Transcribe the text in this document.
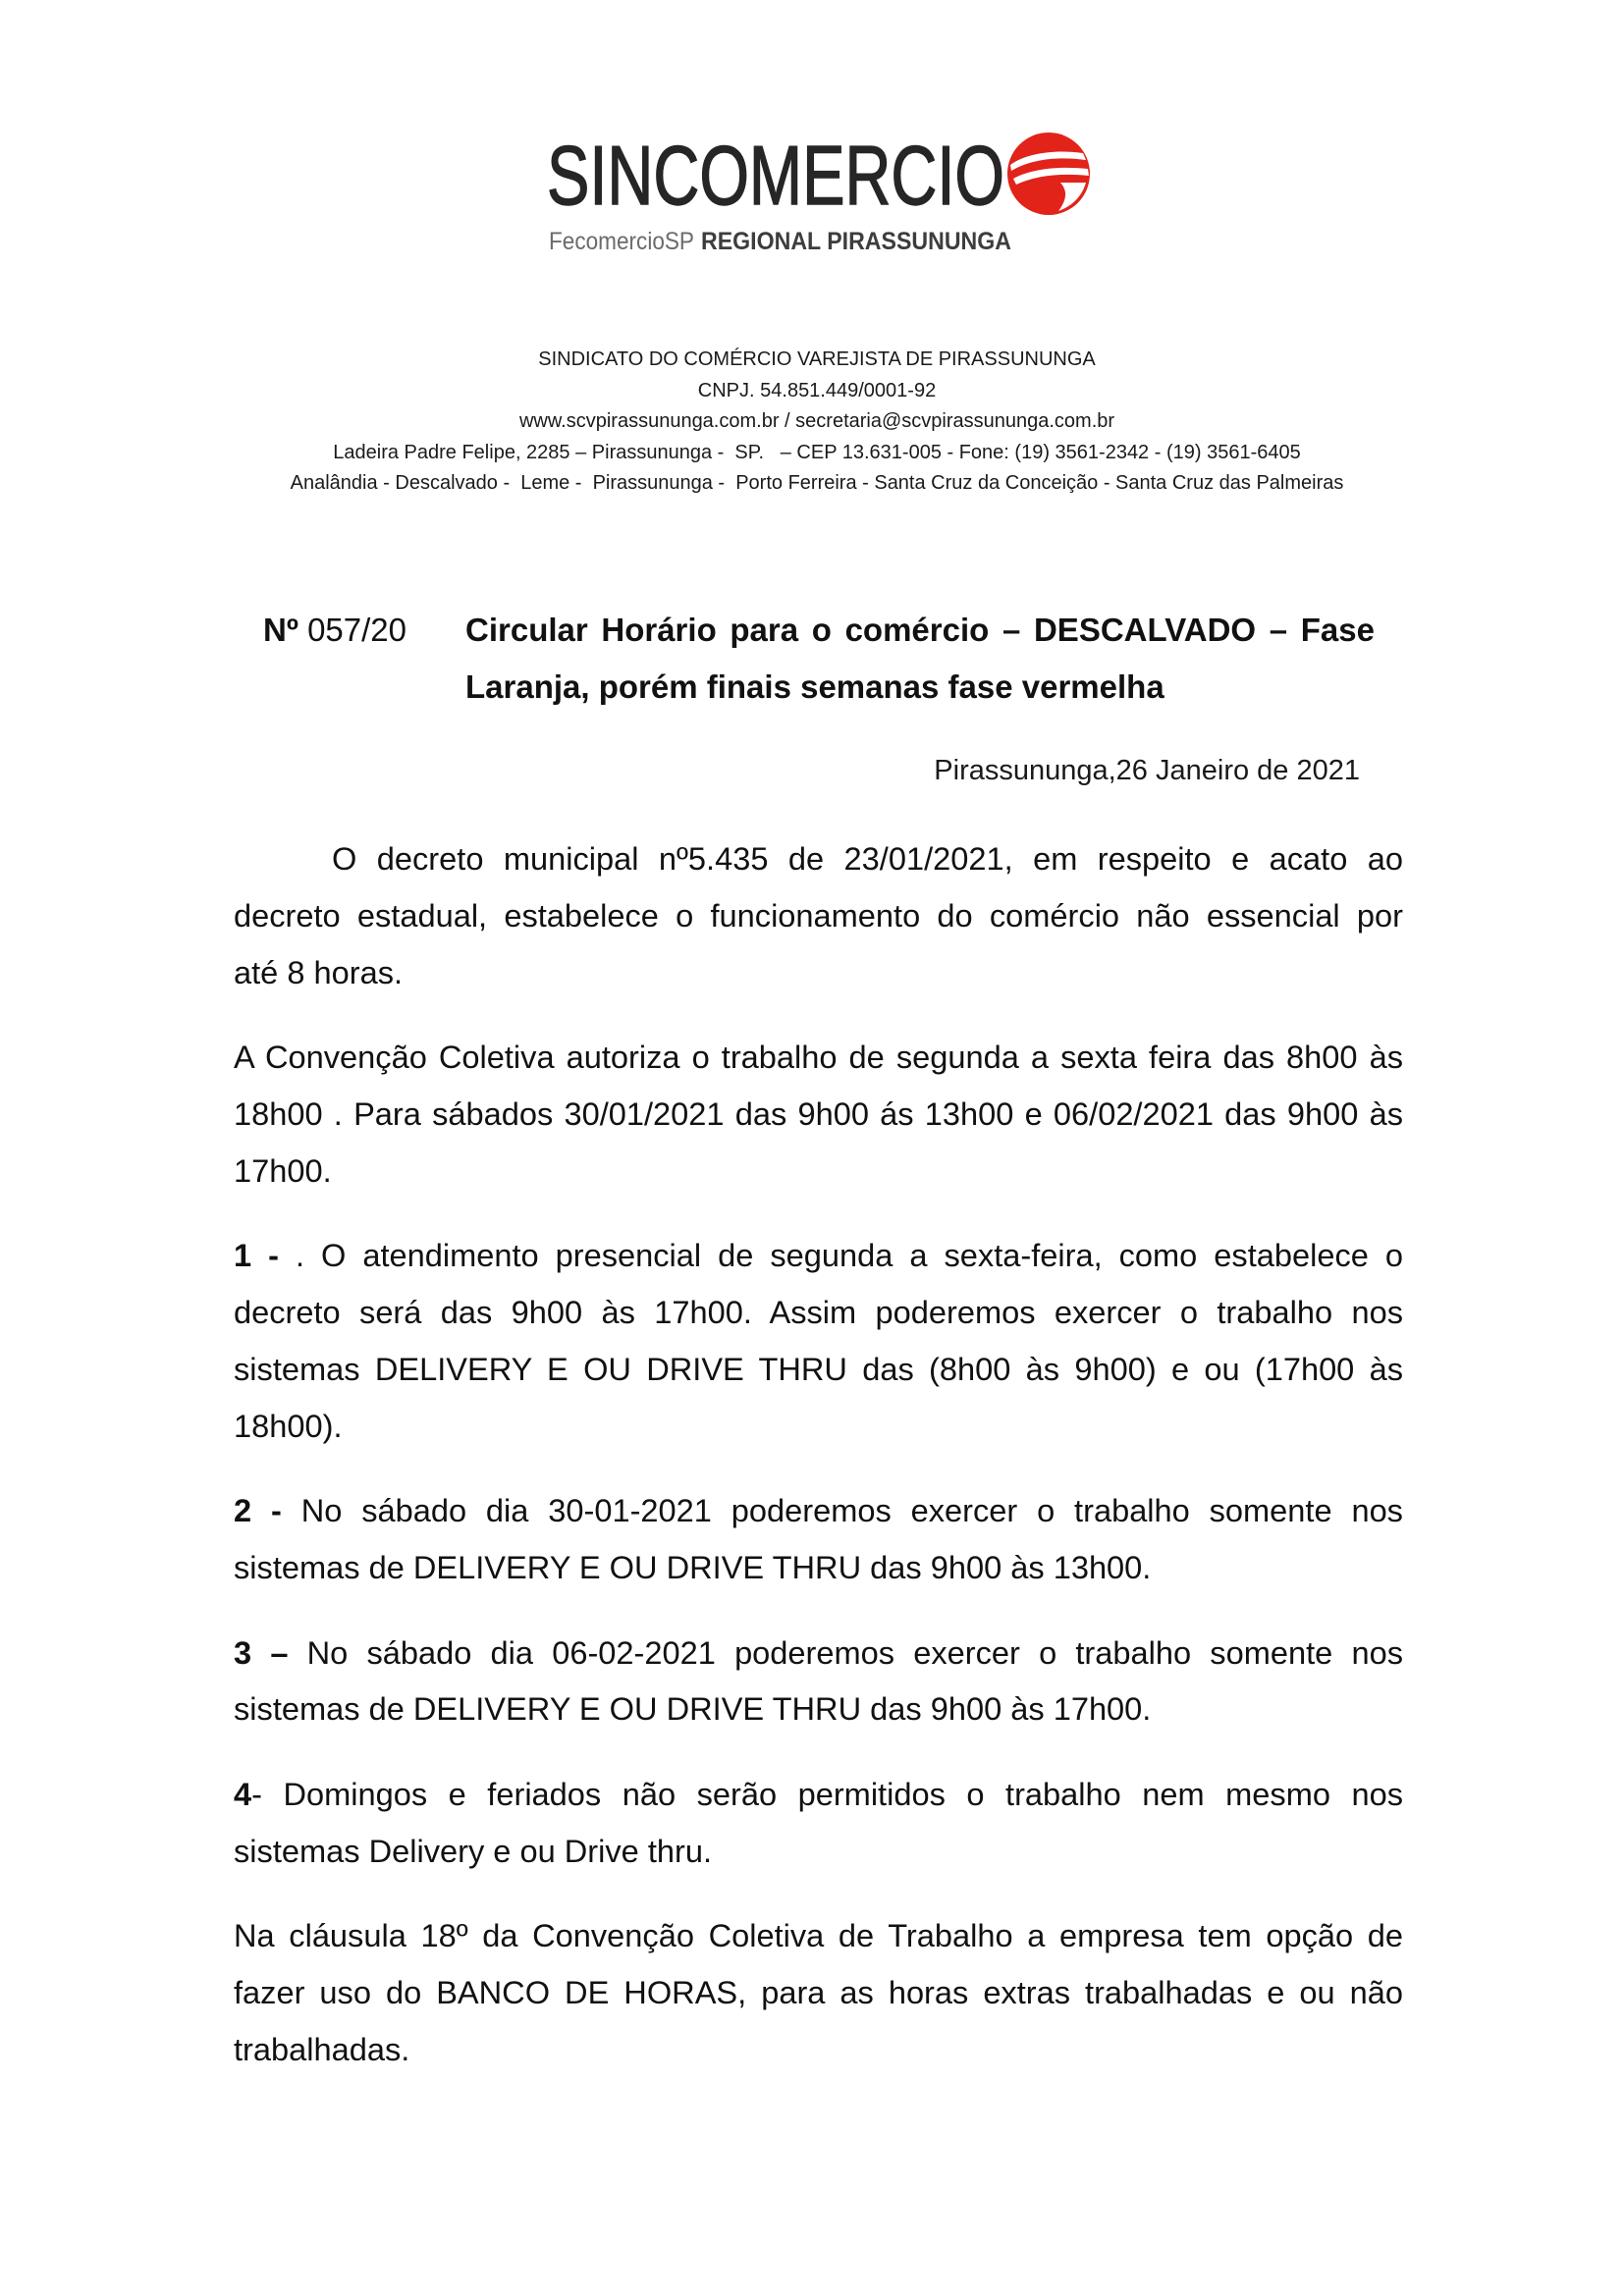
SINCOMERCIO
FecomercioSP REGIONAL PIRASSUNUNGA
SINDICATO DO COMÉRCIO VAREJISTA DE PIRASSUNUNGA
CNPJ. 54.851.449/0001-92
www.scvpirassununga.com.br / secretaria@scvpirassununga.com.br
Ladeira Padre Felipe, 2285 – Pirassununga -  SP.   – CEP 13.631-005 - Fone: (19) 3561-2342 - (19) 3561-6405
Analândia - Descalvado -  Leme -  Pirassununga -  Porto Ferreira - Santa Cruz da Conceição - Santa Cruz das Palmeiras
Nº 057/20 Circular Horário para o comércio – DESCALVADO – Fase
Laranja, porém finais semanas fase vermelha
Pirassununga,26 Janeiro de 2021
O decreto municipal nº5.435 de 23/01/2021, em respeito e acato ao
decreto estadual, estabelece o funcionamento do comércio não essencial por
até 8 horas.
A Convenção Coletiva autoriza o trabalho de segunda a sexta feira das 8h00 às
18h00 . Para sábados 30/01/2021 das 9h00 ás 13h00 e 06/02/2021 das 9h00 às
17h00.
1 - . O atendimento presencial de segunda a sexta-feira, como estabelece o
decreto será das 9h00 às 17h00. Assim poderemos exercer o trabalho nos
sistemas DELIVERY E OU DRIVE THRU das (8h00 às 9h00) e ou (17h00 às
18h00).
2 - No sábado dia 30-01-2021 poderemos exercer o trabalho somente nos
sistemas de DELIVERY E OU DRIVE THRU das 9h00 às 13h00.
3 – No sábado dia 06-02-2021 poderemos exercer o trabalho somente nos
sistemas de DELIVERY E OU DRIVE THRU das 9h00 às 17h00.
4- Domingos e feriados não serão permitidos o trabalho nem mesmo nos
sistemas Delivery e ou Drive thru.
Na cláusula 18º da Convenção Coletiva de Trabalho a empresa tem opção de
fazer uso do BANCO DE HORAS, para as horas extras trabalhadas e ou não
trabalhadas.
